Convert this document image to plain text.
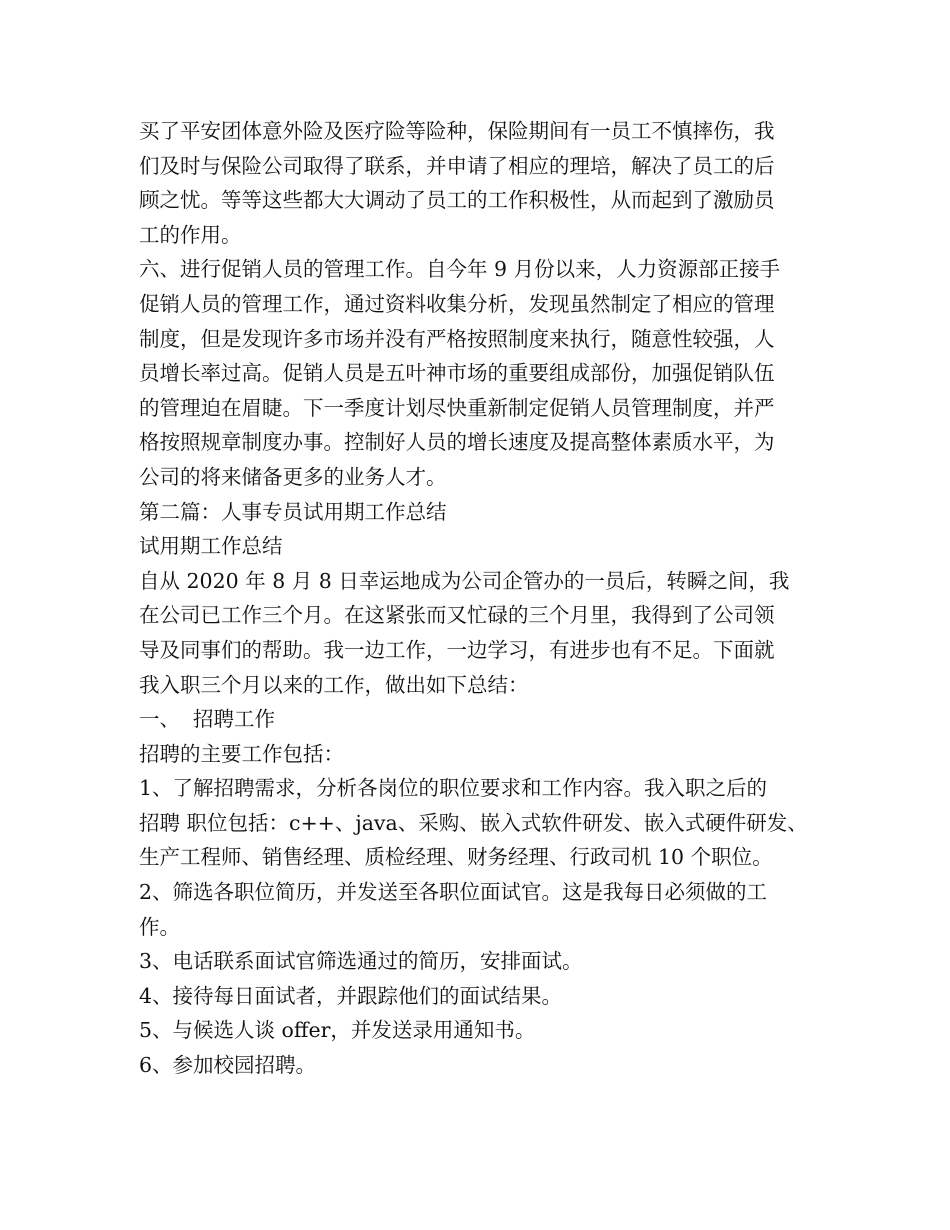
买了平安团体意外险及医疗险等险种，保险期间有一员工不慎摔伤，我
们及时与保险公司取得了联系，并申请了相应的理培，解决了员工的后
顾之忧。等等这些都大大调动了员工的工作积极性，从而起到了激励员
工的作用。
六、进行促销人员的管理工作。自今年 9 月份以来，人力资源部正接手
促销人员的管理工作，通过资料收集分析，发现虽然制定了相应的管理
制度，但是发现许多市场并没有严格按照制度来执行，随意性较强，人
员增长率过高。促销人员是五叶神市场的重要组成部份，加强促销队伍
的管理迫在眉睫。下一季度计划尽快重新制定促销人员管理制度，并严
格按照规章制度办事。控制好人员的增长速度及提高整体素质水平，为
公司的将来储备更多的业务人才。
第二篇：人事专员试用期工作总结
试用期工作总结
自从 2020 年 8 月 8 日幸运地成为公司企管办的一员后，转瞬之间，我
在公司已工作三个月。在这紧张而又忙碌的三个月里，我得到了公司领
导及同事们的帮助。我一边工作，一边学习，有进步也有不足。下面就
我入职三个月以来的工作，做出如下总结：
一、  招聘工作
招聘的主要工作包括：
1、了解招聘需求，分析各岗位的职位要求和工作内容。我入职之后的
招聘 职位包括：c++、java、采购、嵌入式软件研发、嵌入式硬件研发、
生产工程师、销售经理、质检经理、财务经理、行政司机 10 个职位。
2、筛选各职位简历，并发送至各职位面试官。这是我每日必须做的工
作。
3、电话联系面试官筛选通过的简历，安排面试。
4、接待每日面试者，并跟踪他们的面试结果。
5、与候选人谈 offer，并发送录用通知书。
6、参加校园招聘。
